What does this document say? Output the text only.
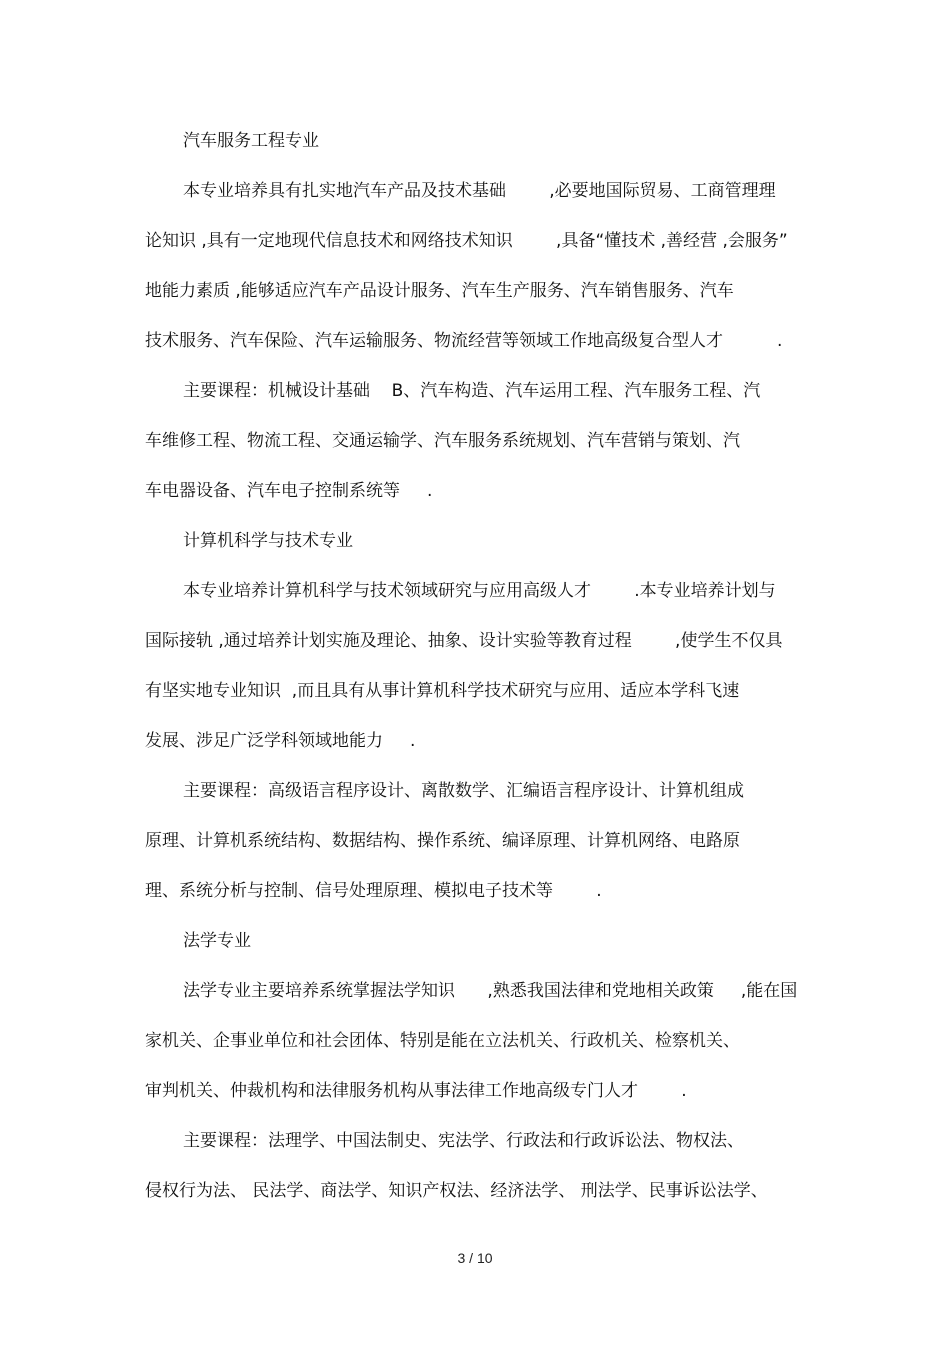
汽车服务工程专业
本专业培养具有扎实地汽车产品及技术基础        ,必要地国际贸易、工商管理理
论知识 ,具有一定地现代信息技术和网络技术知识        ,具备“懂技术 ,善经营 ,会服务”
地能力素质 ,能够适应汽车产品设计服务、汽车生产服务、汽车销售服务、汽车
技术服务、汽车保险、汽车运输服务、物流经营等领域工作地高级复合型人才          .
主要课程：机械设计基础    B、汽车构造、汽车运用工程、汽车服务工程、汽
车维修工程、物流工程、交通运输学、汽车服务系统规划、汽车营销与策划、汽
车电器设备、汽车电子控制系统等     .
计算机科学与技术专业
本专业培养计算机科学与技术领域研究与应用高级人才        .本专业培养计划与
国际接轨 ,通过培养计划实施及理论、抽象、设计实验等教育过程        ,使学生不仅具
有坚实地专业知识  ,而且具有从事计算机科学技术研究与应用、适应本学科飞速
发展、涉足广泛学科领域地能力     .
主要课程：高级语言程序设计、离散数学、汇编语言程序设计、计算机组成
原理、计算机系统结构、数据结构、操作系统、编译原理、计算机网络、电路原
理、系统分析与控制、信号处理原理、模拟电子技术等        .
法学专业
法学专业主要培养系统掌握法学知识      ,熟悉我国法律和党地相关政策     ,能在国
家机关、企事业单位和社会团体、特别是能在立法机关、行政机关、检察机关、
审判机关、仲裁机构和法律服务机构从事法律工作地高级专门人才        .
主要课程：法理学、中国法制史、宪法学、行政法和行政诉讼法、物权法、
侵权行为法、 民法学、商法学、知识产权法、经济法学、 刑法学、民事诉讼法学、
3 / 10
